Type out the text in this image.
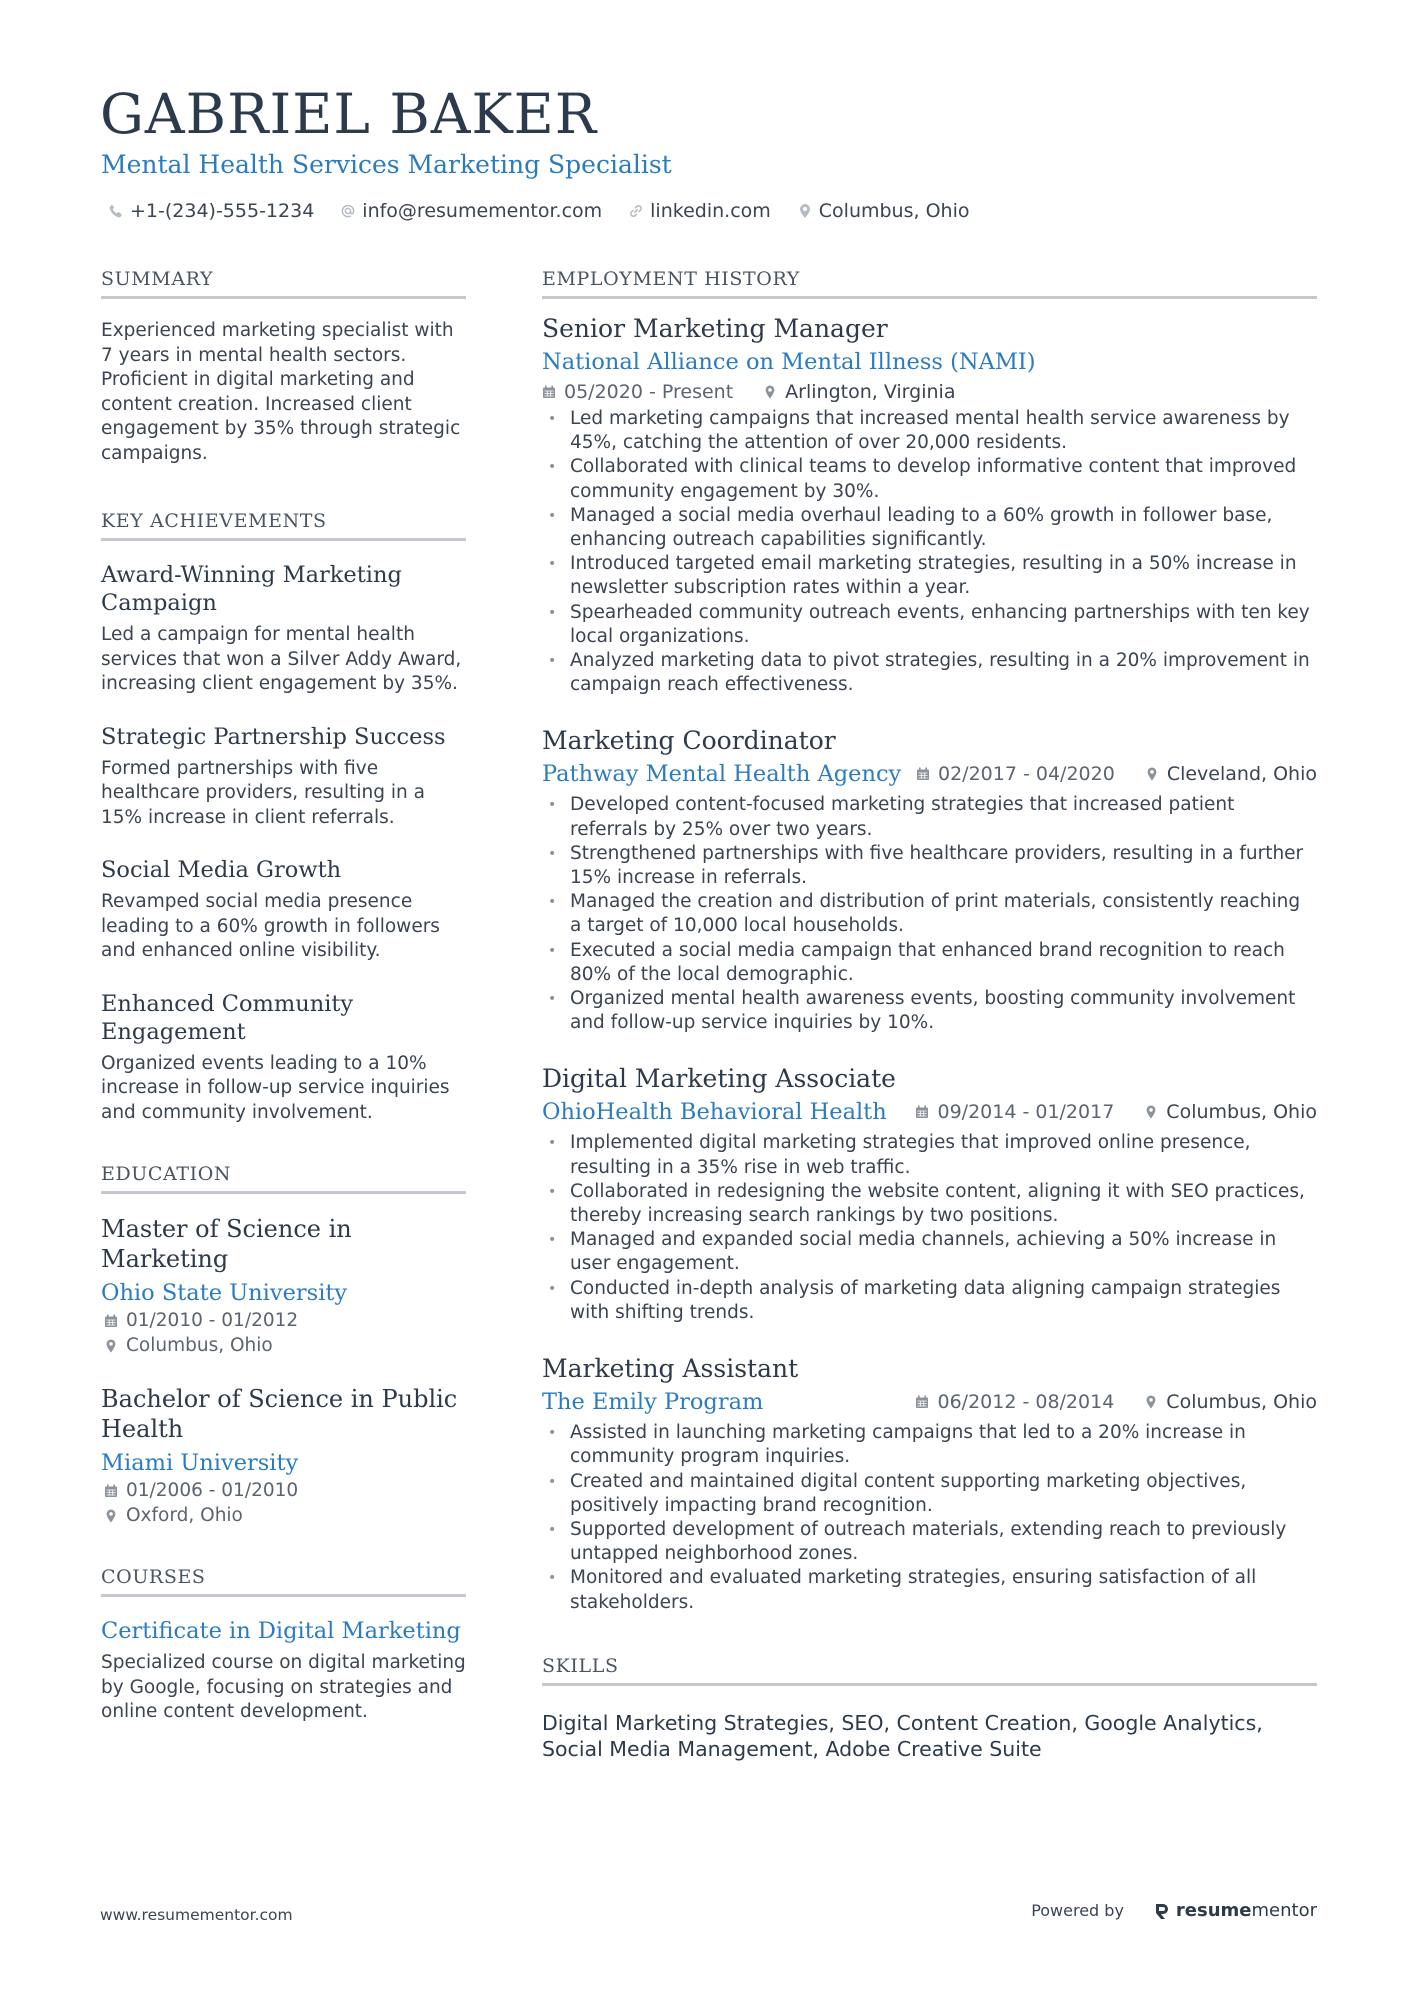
GABRIEL BAKER
Mental Health Services Marketing Specialist
+1-(234)-555-1234	info@resumementor.com	linkedin.com	Columbus, Ohio
SUMMARY
Experienced marketing specialist with 7 years in mental health sectors. Proficient in digital marketing and content creation. Increased client engagement by 35% through strategic campaigns.
KEY ACHIEVEMENTS
Award-Winning Marketing Campaign
Led a campaign for mental health services that won a Silver Addy Award, increasing client engagement by 35%.
Strategic Partnership Success
Formed partnerships with five healthcare providers, resulting in a 15% increase in client referrals.
Social Media Growth
Revamped social media presence leading to a 60% growth in followers and enhanced online visibility.
Enhanced Community Engagement
Organized events leading to a 10% increase in follow-up service inquiries and community involvement.
EDUCATION
Master of Science in Marketing
Ohio State University
01/2010 - 01/2012
Columbus, Ohio
Bachelor of Science in Public Health
Miami University
01/2006 - 01/2010
Oxford, Ohio
COURSES
Certificate in Digital Marketing
Specialized course on digital marketing by Google, focusing on strategies and online content development.
EMPLOYMENT HISTORY
Senior Marketing Manager
National Alliance on Mental Illness (NAMI)
05/2020 - Present	Arlington, Virginia
• Led marketing campaigns that increased mental health service awareness by 45%, catching the attention of over 20,000 residents.
• Collaborated with clinical teams to develop informative content that improved community engagement by 30%.
• Managed a social media overhaul leading to a 60% growth in follower base, enhancing outreach capabilities significantly.
• Introduced targeted email marketing strategies, resulting in a 50% increase in newsletter subscription rates within a year.
• Spearheaded community outreach events, enhancing partnerships with ten key local organizations.
• Analyzed marketing data to pivot strategies, resulting in a 20% improvement in campaign reach effectiveness.
Marketing Coordinator
Pathway Mental Health Agency 02/2017 - 04/2020	Cleveland, Ohio
• Developed content-focused marketing strategies that increased patient referrals by 25% over two years.
• Strengthened partnerships with five healthcare providers, resulting in a further 15% increase in referrals.
• Managed the creation and distribution of print materials, consistently reaching a target of 10,000 local households.
• Executed a social media campaign that enhanced brand recognition to reach 80% of the local demographic.
• Organized mental health awareness events, boosting community involvement and follow-up service inquiries by 10%.
Digital Marketing Associate
OhioHealth Behavioral Health	09/2014 - 01/2017	Columbus, Ohio
• Implemented digital marketing strategies that improved online presence, resulting in a 35% rise in web traffic.
• Collaborated in redesigning the website content, aligning it with SEO practices, thereby increasing search rankings by two positions.
• Managed and expanded social media channels, achieving a 50% increase in user engagement.
• Conducted in-depth analysis of marketing data aligning campaign strategies with shifting trends.
Marketing Assistant
The Emily Program	06/2012 - 08/2014	Columbus, Ohio
• Assisted in launching marketing campaigns that led to a 20% increase in community program inquiries.
• Created and maintained digital content supporting marketing objectives, positively impacting brand recognition.
• Supported development of outreach materials, extending reach to previously untapped neighborhood zones.
• Monitored and evaluated marketing strategies, ensuring satisfaction of all stakeholders.
SKILLS
Digital Marketing Strategies, SEO, Content Creation, Google Analytics, Social Media Management, Adobe Creative Suite
www.resumementor.com	Powered by	resumementor
